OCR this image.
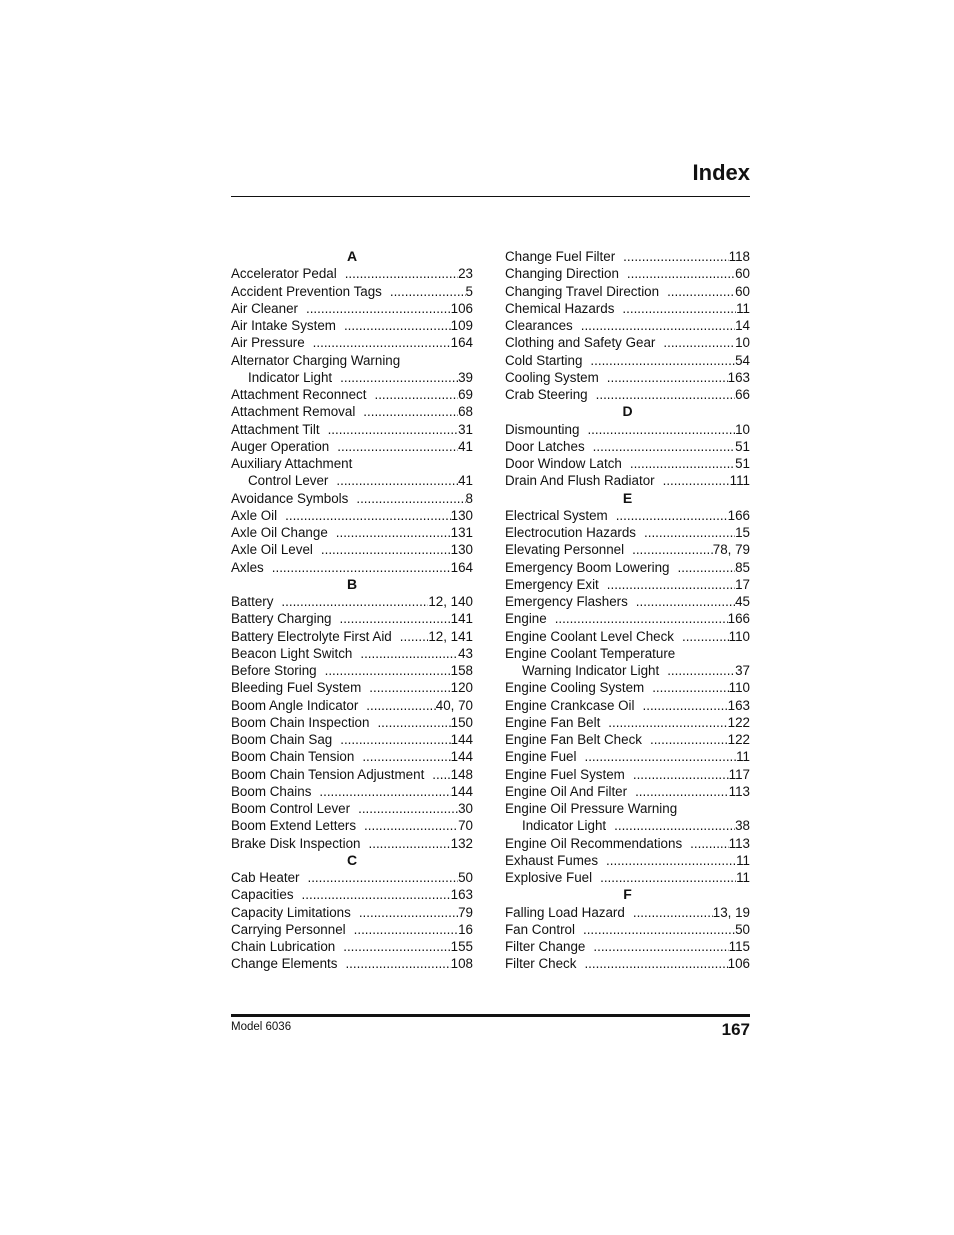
Index
A
Accelerator Pedal .....	23
Accident Prevention Tags .....	5
Air Cleaner .....	106
Air Intake System .....	109
Air Pressure .....	164
Alternator Charging Warning
Indicator Light .....	39
Attachment Reconnect .....	69
Attachment Removal .....	68
Attachment Tilt .....	31
Auger Operation .....	41
Auxiliary Attachment
Control Lever .....	41
Avoidance Symbols .....	8
Axle Oil .....	130
Axle Oil Change .....	131
Axle Oil Level .....	130
Axles .....	164
B
Battery .....	12, 140
Battery Charging .....	141
Battery Electrolyte First Aid .....	12, 141
Beacon Light Switch .....	43
Before Storing .....	158
Bleeding Fuel System .....	120
Boom Angle Indicator .....	40, 70
Boom Chain Inspection .....	150
Boom Chain Sag .....	144
Boom Chain Tension .....	144
Boom Chain Tension Adjustment ..... 148
Boom Chains .....	144
Boom Control Lever .....	30
Boom Extend Letters .....	70
Brake Disk Inspection .....	132
C
Cab Heater .....	50
Capacities .....	163
Capacity Limitations .....	79
Carrying Personnel .....	16
Chain Lubrication .....	155
Change Elements .....	108
Change Fuel Filter .....	118
Changing Direction .....	60
Changing Travel Direction .....	60
Chemical Hazards .....	11
Clearances .....	14
Clothing and Safety Gear .....	10
Cold Starting .....	54
Cooling System .....	163
Crab Steering .....	66
D
Dismounting .....	10
Door Latches .....	51
Door Window Latch .....	51
Drain And Flush Radiator .....	111
E
Electrical System .....	166
Electrocution Hazards .....	15
Elevating Personnel .....	78, 79
Emergency Boom Lowering .....	85
Emergency Exit .....	17
Emergency Flashers .....	45
Engine .....	166
Engine Coolant Level Check .....	110
Engine Coolant Temperature
Warning Indicator Light .....	37
Engine Cooling System .....	110
Engine Crankcase Oil .....	163
Engine Fan Belt .....	122
Engine Fan Belt Check .....	122
Engine Fuel .....	11
Engine Fuel System .....	117
Engine Oil And Filter .....	113
Engine Oil Pressure Warning
Indicator Light .....	38
Engine Oil Recommendations .....	113
Exhaust Fumes .....	11
Explosive Fuel .....	11
F
Falling Load Hazard .....	13, 19
Fan Control .....	50
Filter Change .....	115
Filter Check .....	106
Model 6036	167
